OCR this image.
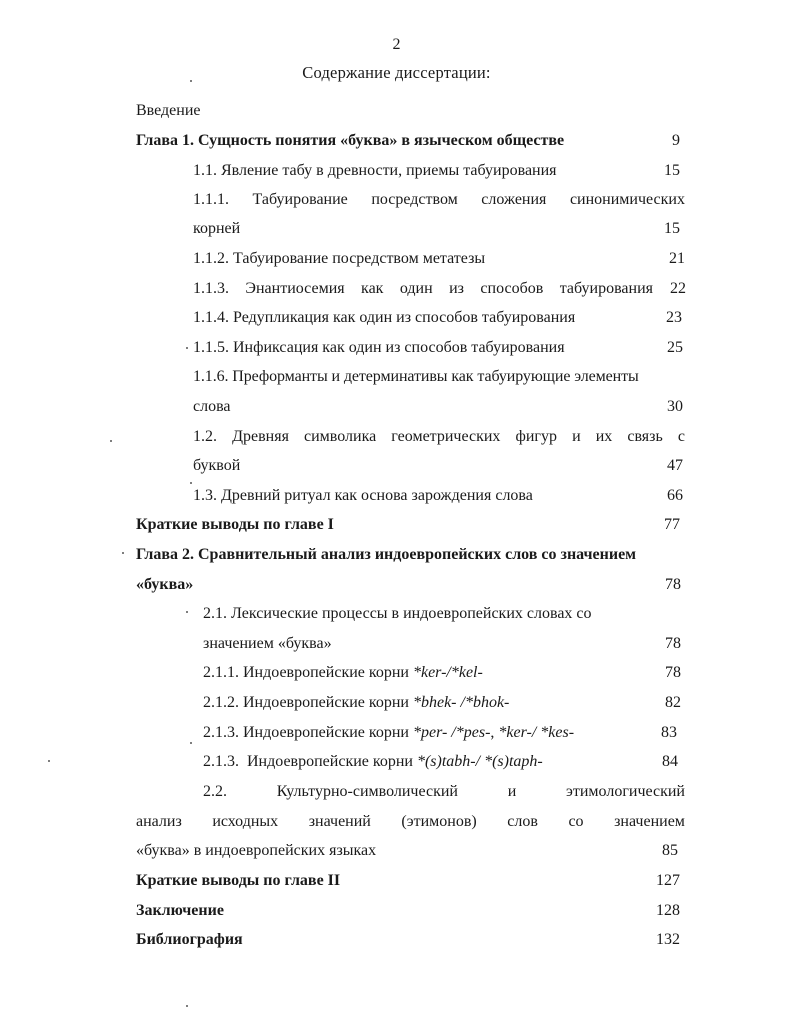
2
Содержание диссертации:
Введение
Глава 1. Сущность понятия «буква» в языческом обществе	9
1.1. Явление табу в древности, приемы табуирования	15
1.1.1. Табуирование посредством сложения синонимических
корней	15
1.1.2. Табуирование посредством метатезы	21
1.1.3. Энантиосемия как один из способов табуирования	22
1.1.4. Редупликация как один из способов табуирования	23
1.1.5. Инфиксация как один из способов табуирования	25
1.1.6. Преформанты и детерминативы как табуирующие элементы
слова	30
1.2. Древняя символика геометрических фигур и их связь с
буквой	47
1.3. Древний ритуал как основа зарождения слова	66
Краткие выводы по главе I	77
Глава 2. Сравнительный анализ индоевропейских слов со значением
«буква»	78
2.1. Лексические процессы в индоевропейских словах со
значением «буква»	78
2.1.1. Индоевропейские корни *ker-/*kel-	78
2.1.2. Индоевропейские корни *bhek- /*bhok-	82
2.1.3. Индоевропейские корни *per- /*pes-, *ker-/ *kes-	83
2.1.3.  Индоевропейские корни *(s)tabh-/ *(s)taph-	84
2.2.	Культурно-символический	и	этимологический
анализ исходных значений (этимонов) слов со значением
«буква» в индоевропейских языках	85
Краткие выводы по главе II	127
Заключение	128
Библиография	132
